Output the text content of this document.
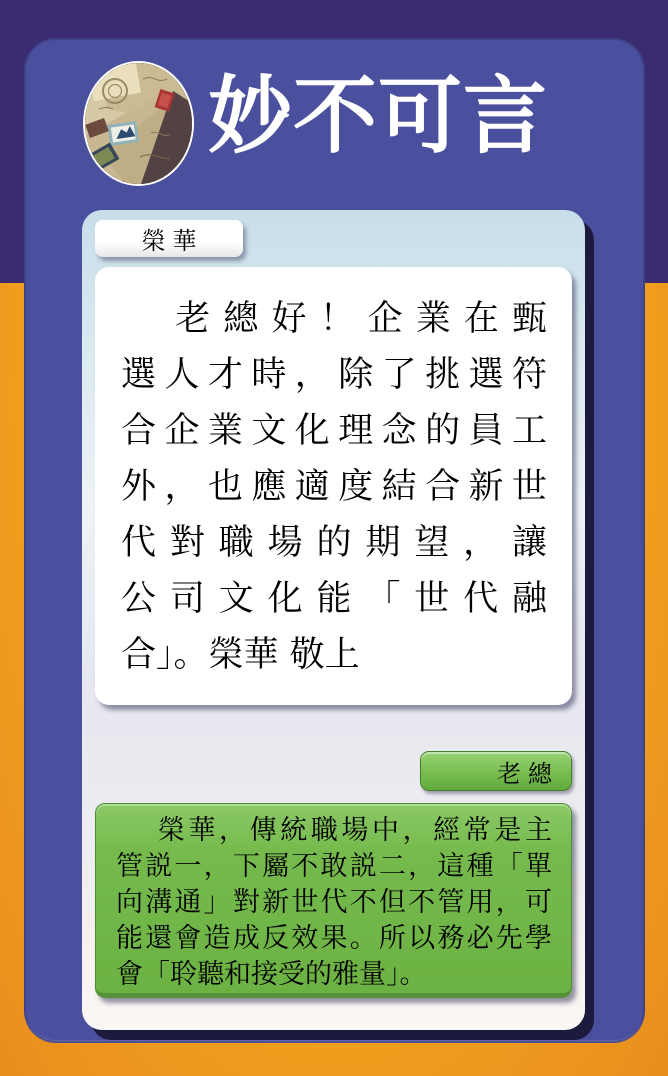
妙不可言
榮華
老總好！企業在甄
選人才時，除了挑選符
合企業文化理念的員工
外，也應適度結合新世
代對職場的期望，讓
公司文化能「世代融
合」。榮華 敬上
老總
榮華，傳統職場中，經常是主
管説一，下屬不敢説二，這種「單
向溝通」對新世代不但不管用，可
能還會造成反效果。所以務必先學
會「聆聽和接受的雅量」。
